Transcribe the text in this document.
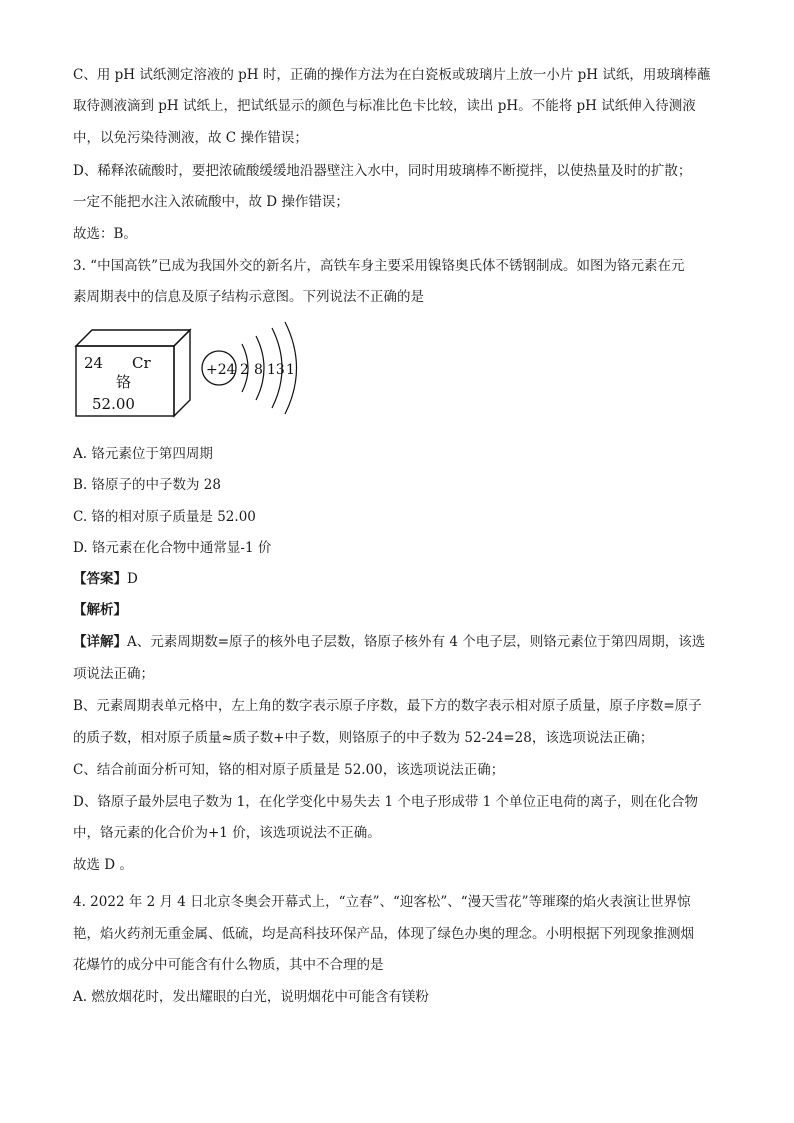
C、用 pH 试纸测定溶液的 pH 时，正确的操作方法为在白瓷板或玻璃片上放一小片 pH 试纸，用玻璃棒蘸
取待测液滴到 pH 试纸上，把试纸显示的颜色与标准比色卡比较，读出 pH。不能将 pH 试纸伸入待测液
中，以免污染待测液，故 C 操作错误；
D、稀释浓硫酸时，要把浓硫酸缓缓地沿器壁注入水中，同时用玻璃棒不断搅拌，以使热量及时的扩散；
一定不能把水注入浓硫酸中，故 D 操作错误；
故选：B。
3. “中国高铁”已成为我国外交的新名片，高铁车身主要采用镍铬奥氏体不锈钢制成。如图为铬元素在元
素周期表中的信息及原子结构示意图。下列说法不正确的是
24 Cr
铬
52.00
+24 2 8 13 1
A. 铬元素位于第四周期
B. 铬原子的中子数为 28
C. 铬的相对原子质量是 52.00
D. 铬元素在化合物中通常显-1 价
【答案】D
【解析】
【详解】A、元素周期数=原子的核外电子层数，铬原子核外有 4 个电子层，则铬元素位于第四周期，该选
项说法正确；
B、元素周期表单元格中，左上角的数字表示原子序数，最下方的数字表示相对原子质量，原子序数=原子
的质子数，相对原子质量≈质子数+中子数，则铬原子的中子数为 52-24=28，该选项说法正确；
C、结合前面分析可知，铬的相对原子质量是 52.00，该选项说法正确；
D、铬原子最外层电子数为 1，在化学变化中易失去 1 个电子形成带 1 个单位正电荷的离子，则在化合物
中，铬元素的化合价为+1 价，该选项说法不正确。
故选 D 。
4. 2022 年 2 月 4 日北京冬奥会开幕式上，“立春”、“迎客松”、“漫天雪花”等璀璨的焰火表演让世界惊
艳，焰火药剂无重金属、低硫，均是高科技环保产品，体现了绿色办奥的理念。小明根据下列现象推测烟
花爆竹的成分中可能含有什么物质，其中不合理的是
A. 燃放烟花时，发出耀眼的白光，说明烟花中可能含有镁粉
